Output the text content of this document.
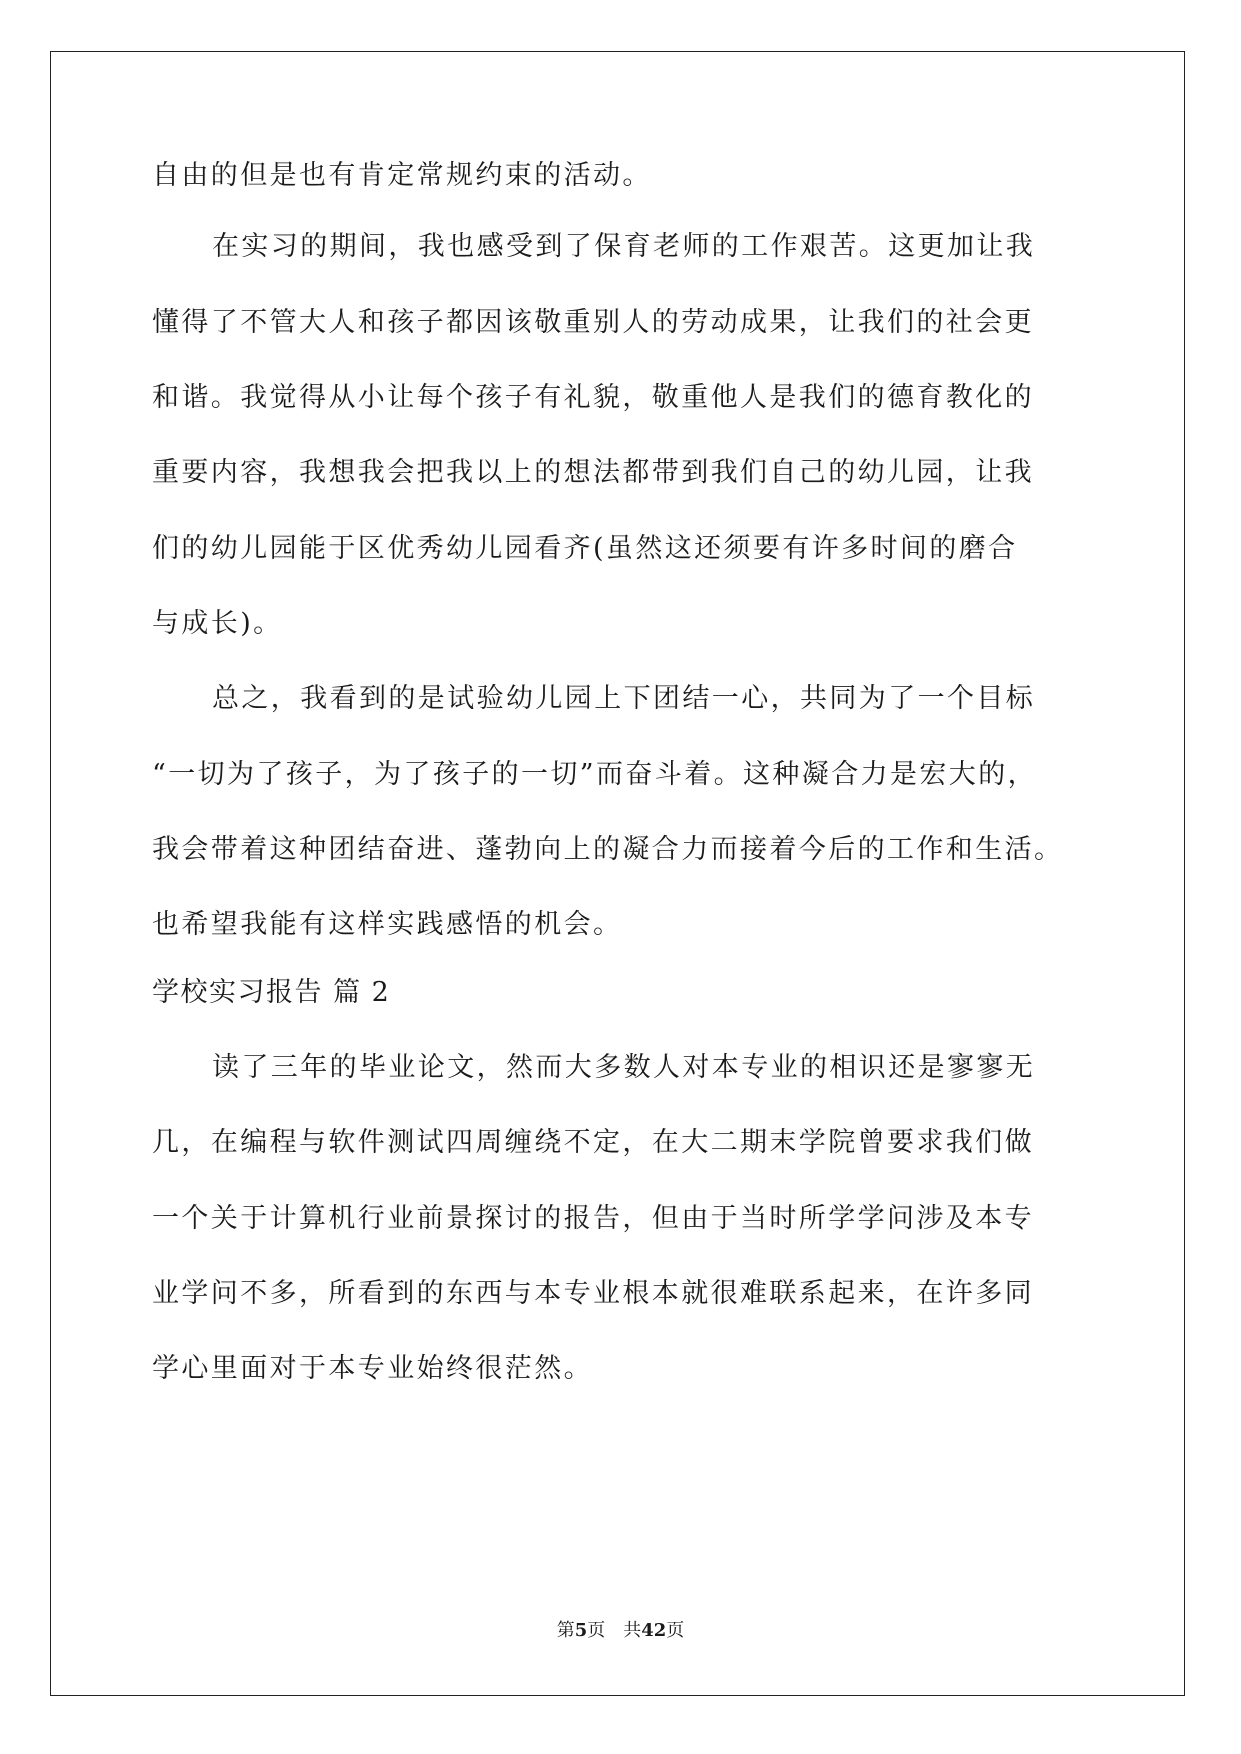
自由的但是也有肯定常规约束的活动。

在实习的期间，我也感受到了保育老师的工作艰苦。这更加让我

懂得了不管大人和孩子都因该敬重别人的劳动成果，让我们的社会更

和谐。我觉得从小让每个孩子有礼貌，敬重他人是我们的德育教化的

重要内容，我想我会把我以上的想法都带到我们自己的幼儿园，让我

们的幼儿园能于区优秀幼儿园看齐(虽然这还须要有许多时间的磨合

与成长)。

总之，我看到的是试验幼儿园上下团结一心，共同为了一个目标

“一切为了孩子，为了孩子的一切”而奋斗着。这种凝合力是宏大的，

我会带着这种团结奋进、蓬勃向上的凝合力而接着今后的工作和生活。

也希望我能有这样实践感悟的机会。

学校实习报告 篇 2

读了三年的毕业论文，然而大多数人对本专业的相识还是寥寥无

几，在编程与软件测试四周缠绕不定，在大二期末学院曾要求我们做

一个关于计算机行业前景探讨的报告，但由于当时所学学问涉及本专

业学问不多，所看到的东西与本专业根本就很难联系起来，在许多同

学心里面对于本专业始终很茫然。

第5页　共42页
